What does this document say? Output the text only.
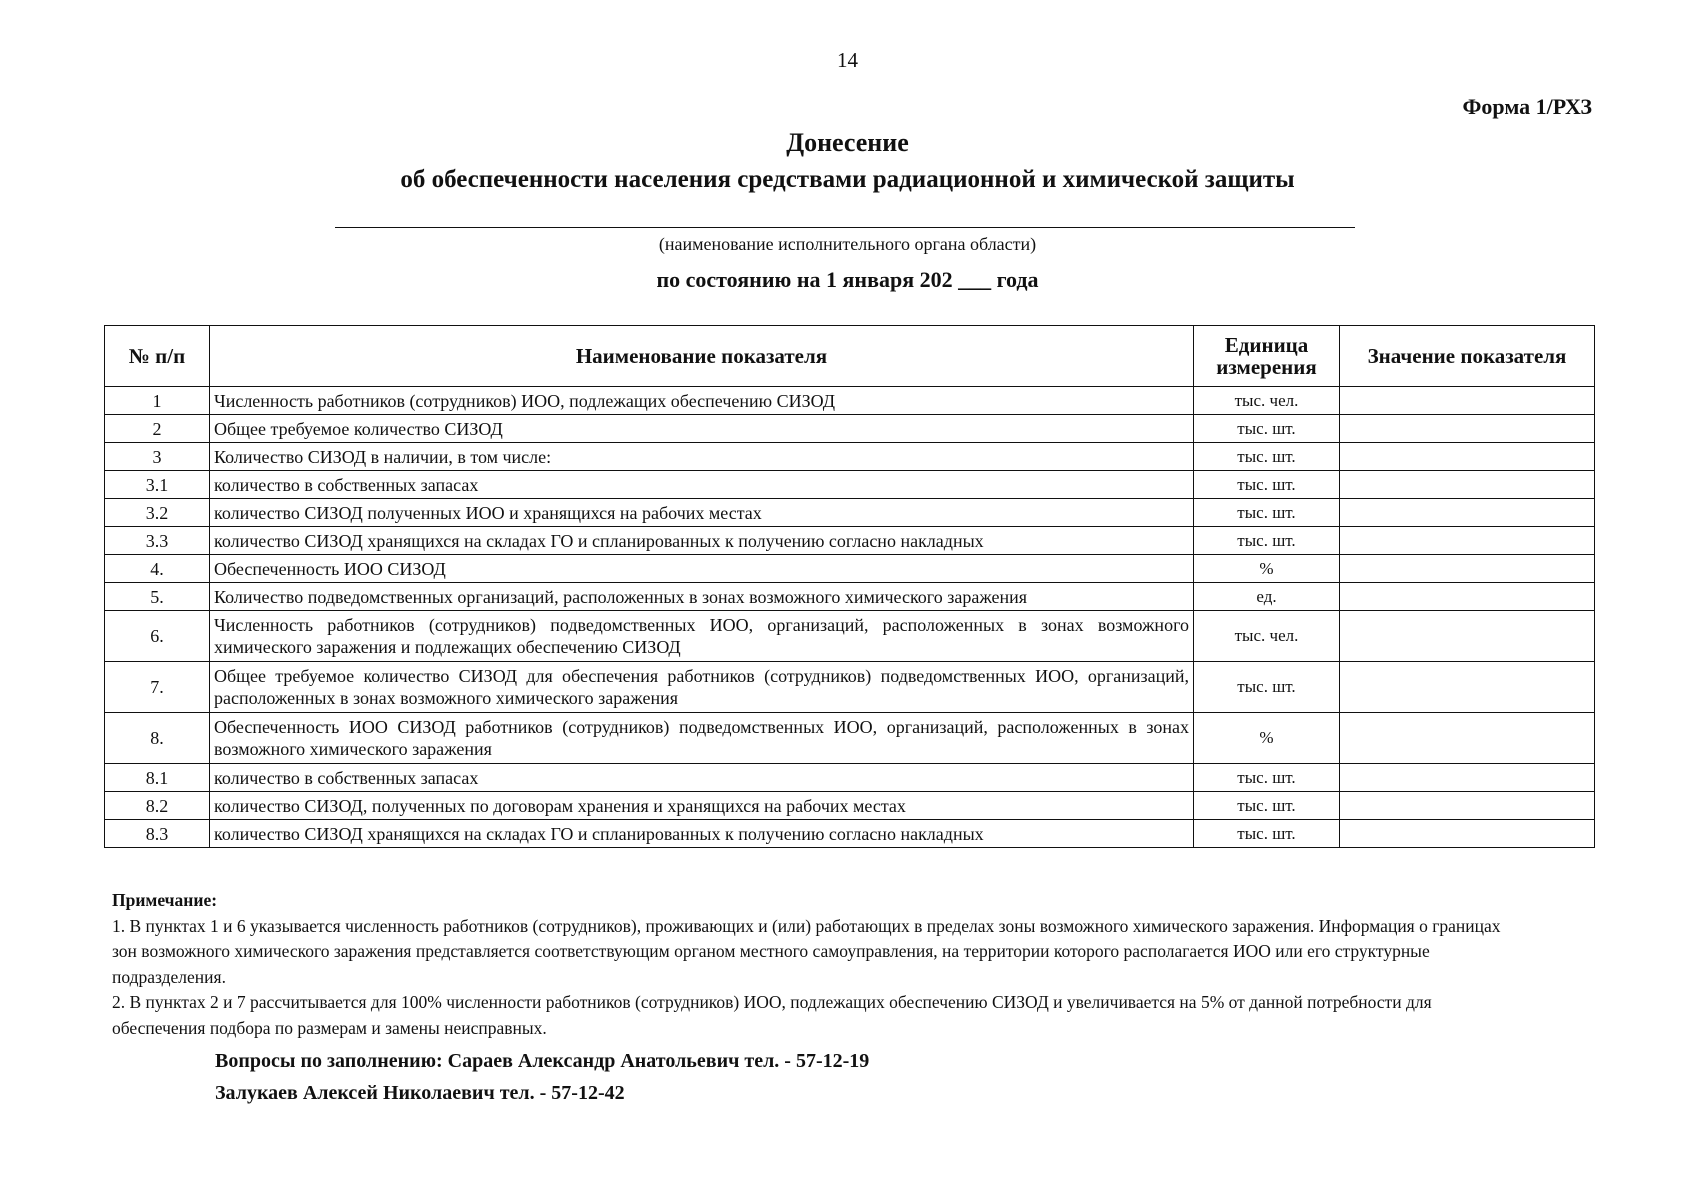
14
Форма 1/РХЗ
Донесение
об обеспеченности населения средствами радиационной и химической защиты
(наименование исполнительного органа области)
по состоянию на 1 января 202 ___ года
№ п/п	Наименование показателя	Единица измерения	Значение показателя
1	Численность работников (сотрудников) ИОО, подлежащих обеспечению СИЗОД	тыс. чел.	
2	Общее требуемое количество СИЗОД	тыс. шт.	
3	Количество СИЗОД в наличии, в том числе:	тыс. шт.	
3.1	количество в собственных запасах	тыс. шт.	
3.2	количество СИЗОД полученных ИОО и хранящихся на рабочих местах	тыс. шт.	
3.3	количество СИЗОД хранящихся на складах ГО и спланированных к получению согласно накладных	тыс. шт.	
4.	Обеспеченность ИОО СИЗОД	%	
5.	Количество подведомственных организаций, расположенных в зонах возможного химического заражения	ед.	
6.	Численность работников (сотрудников) подведомственных ИОО, организаций, расположенных в зонах возможного химического заражения и подлежащих обеспечению СИЗОД	тыс. чел.	
7.	Общее требуемое количество СИЗОД для обеспечения работников (сотрудников) подведомственных ИОО, организаций, расположенных в зонах возможного химического заражения	тыс. шт.	
8.	Обеспеченность ИОО СИЗОД работников (сотрудников) подведомственных ИОО, организаций, расположенных в зонах возможного химического заражения	%	
8.1	количество в собственных запасах	тыс. шт.	
8.2	количество СИЗОД, полученных по договорам хранения и хранящихся на рабочих местах	тыс. шт.	
8.3	количество СИЗОД хранящихся на складах ГО и спланированных к получению согласно накладных	тыс. шт.	
Примечание:
1. В пунктах 1 и 6 указывается численность работников (сотрудников), проживающих и (или) работающих в пределах зоны возможного химического заражения. Информация о границах зон возможного химического заражения представляется соответствующим органом местного самоуправления, на территории которого располагается ИОО или его структурные подразделения.
2. В пунктах 2 и 7 рассчитывается для 100% численности работников (сотрудников) ИОО, подлежащих обеспечению СИЗОД и увеличивается на 5% от данной потребности для обеспечения подбора по размерам и замены неисправных.
Вопросы по заполнению: Сараев Александр Анатольевич тел. - 57-12-19
Залукаев Алексей Николаевич тел. - 57-12-42
